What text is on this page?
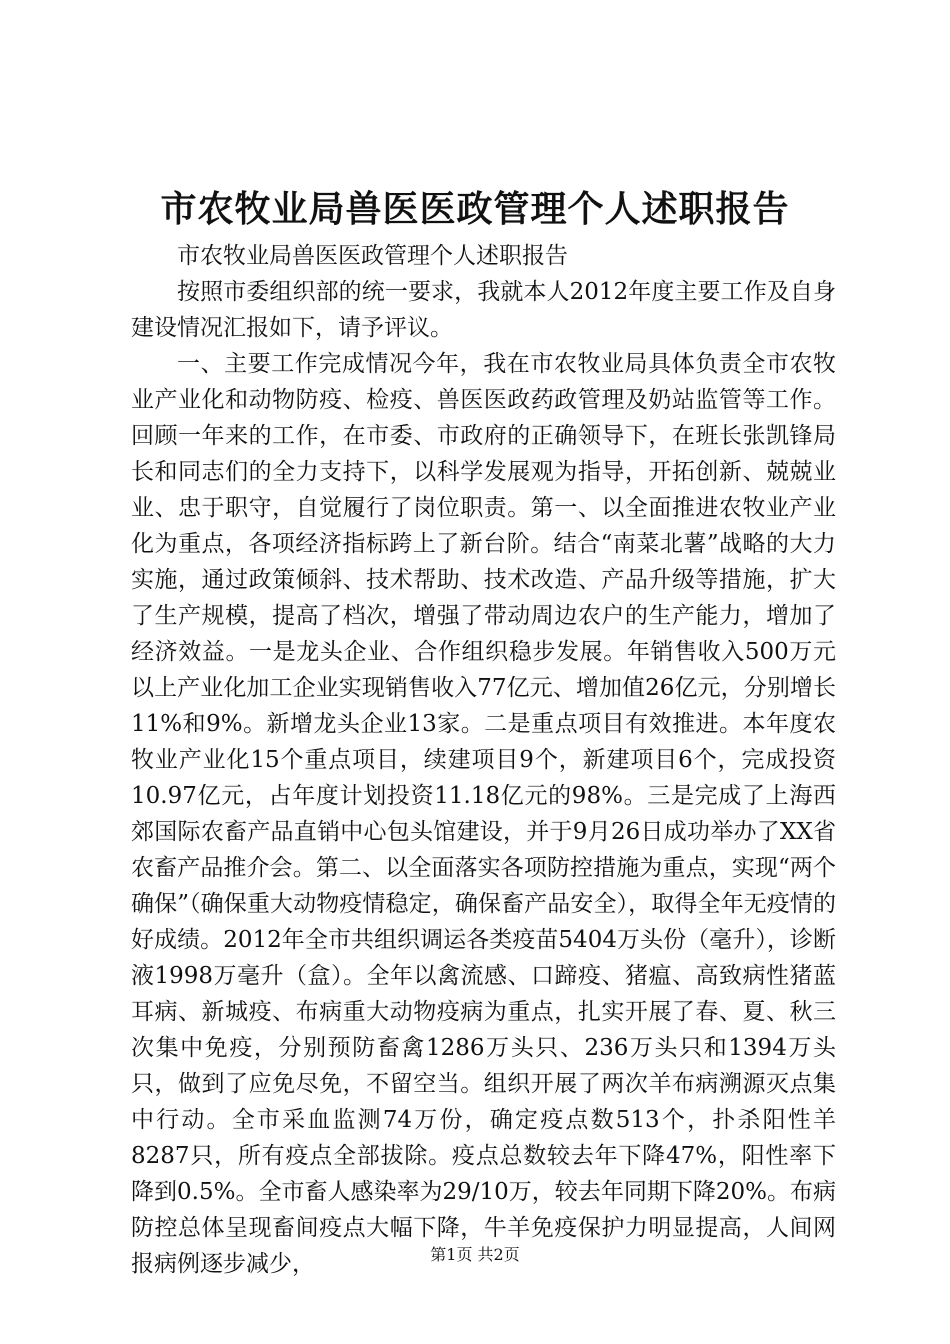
市农牧业局兽医医政管理个人述职报告

市农牧业局兽医医政管理个人述职报告

按照市委组织部的统一要求，我就本人2012年度主要工作及自身建设情况汇报如下，请予评议。

一、主要工作完成情况今年，我在市农牧业局具体负责全市农牧业产业化和动物防疫、检疫、兽医医政药政管理及奶站监管等工作。回顾一年来的工作，在市委、市政府的正确领导下，在班长张凯锋局长和同志们的全力支持下，以科学发展观为指导，开拓创新、兢兢业业、忠于职守，自觉履行了岗位职责。第一、以全面推进农牧业产业化为重点，各项经济指标跨上了新台阶。结合“南菜北薯”战略的大力实施，通过政策倾斜、技术帮助、技术改造、产品升级等措施，扩大了生产规模，提高了档次，增强了带动周边农户的生产能力，增加了经济效益。一是龙头企业、合作组织稳步发展。年销售收入500万元以上产业化加工企业实现销售收入77亿元、增加值26亿元，分别增长11%和9%。新增龙头企业13家。二是重点项目有效推进。本年度农牧业产业化15个重点项目，续建项目9个，新建项目6个，完成投资10.97亿元，占年度计划投资11.18亿元的98%。三是完成了上海西郊国际农畜产品直销中心包头馆建设，并于9月26日成功举办了XX省农畜产品推介会。第二、以全面落实各项防控措施为重点，实现“两个确保”（确保重大动物疫情稳定，确保畜产品安全），取得全年无疫情的好成绩。2012年全市共组织调运各类疫苗5404万头份（毫升），诊断液1998万毫升（盒）。全年以禽流感、口蹄疫、猪瘟、高致病性猪蓝耳病、新城疫、布病重大动物疫病为重点，扎实开展了春、夏、秋三次集中免疫，分别预防畜禽1286万头只、236万头只和1394万头只，做到了应免尽免，不留空当。组织开展了两次羊布病溯源灭点集中行动。全市采血监测74万份，确定疫点数513个，扑杀阳性羊8287只，所有疫点全部拔除。疫点总数较去年下降47%，阳性率下降到0.5%。全市畜人感染率为29/10万，较去年同期下降20%。布病防控总体呈现畜间疫点大幅下降，牛羊免疫保护力明显提高，人间网报病例逐步减少，	第1页 共2页
